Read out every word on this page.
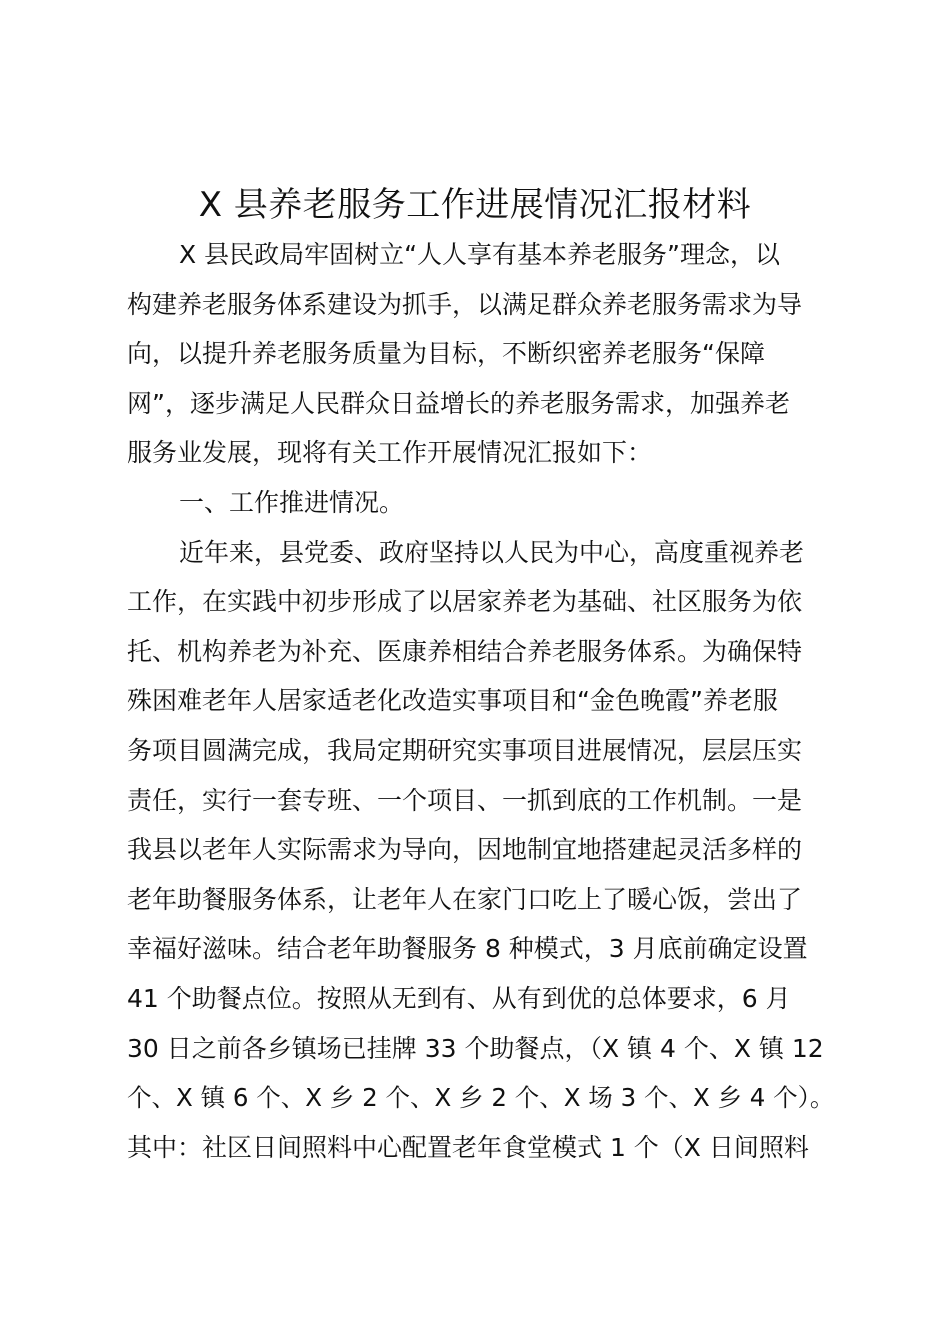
X 县养老服务工作进展情况汇报材料
X 县民政局牢固树立“人人享有基本养老服务”理念，以
构建养老服务体系建设为抓手，以满足群众养老服务需求为导
向，以提升养老服务质量为目标，不断织密养老服务“保障
网”，逐步满足人民群众日益增长的养老服务需求，加强养老
服务业发展，现将有关工作开展情况汇报如下：
一、工作推进情况。
近年来，县党委、政府坚持以人民为中心，高度重视养老
工作，在实践中初步形成了以居家养老为基础、社区服务为依
托、机构养老为补充、医康养相结合养老服务体系。为确保特
殊困难老年人居家适老化改造实事项目和“金色晚霞”养老服
务项目圆满完成，我局定期研究实事项目进展情况，层层压实
责任，实行一套专班、一个项目、一抓到底的工作机制。一是
我县以老年人实际需求为导向，因地制宜地搭建起灵活多样的
老年助餐服务体系，让老年人在家门口吃上了暖心饭，尝出了
幸福好滋味。结合老年助餐服务 8 种模式，3 月底前确定设置
41 个助餐点位。按照从无到有、从有到优的总体要求，6 月
30 日之前各乡镇场已挂牌 33 个助餐点，（X 镇 4 个、X 镇 12
个、X 镇 6 个、X 乡 2 个、X 乡 2 个、X 场 3 个、X 乡 4 个）。
其中：社区日间照料中心配置老年食堂模式 1 个（X 日间照料
